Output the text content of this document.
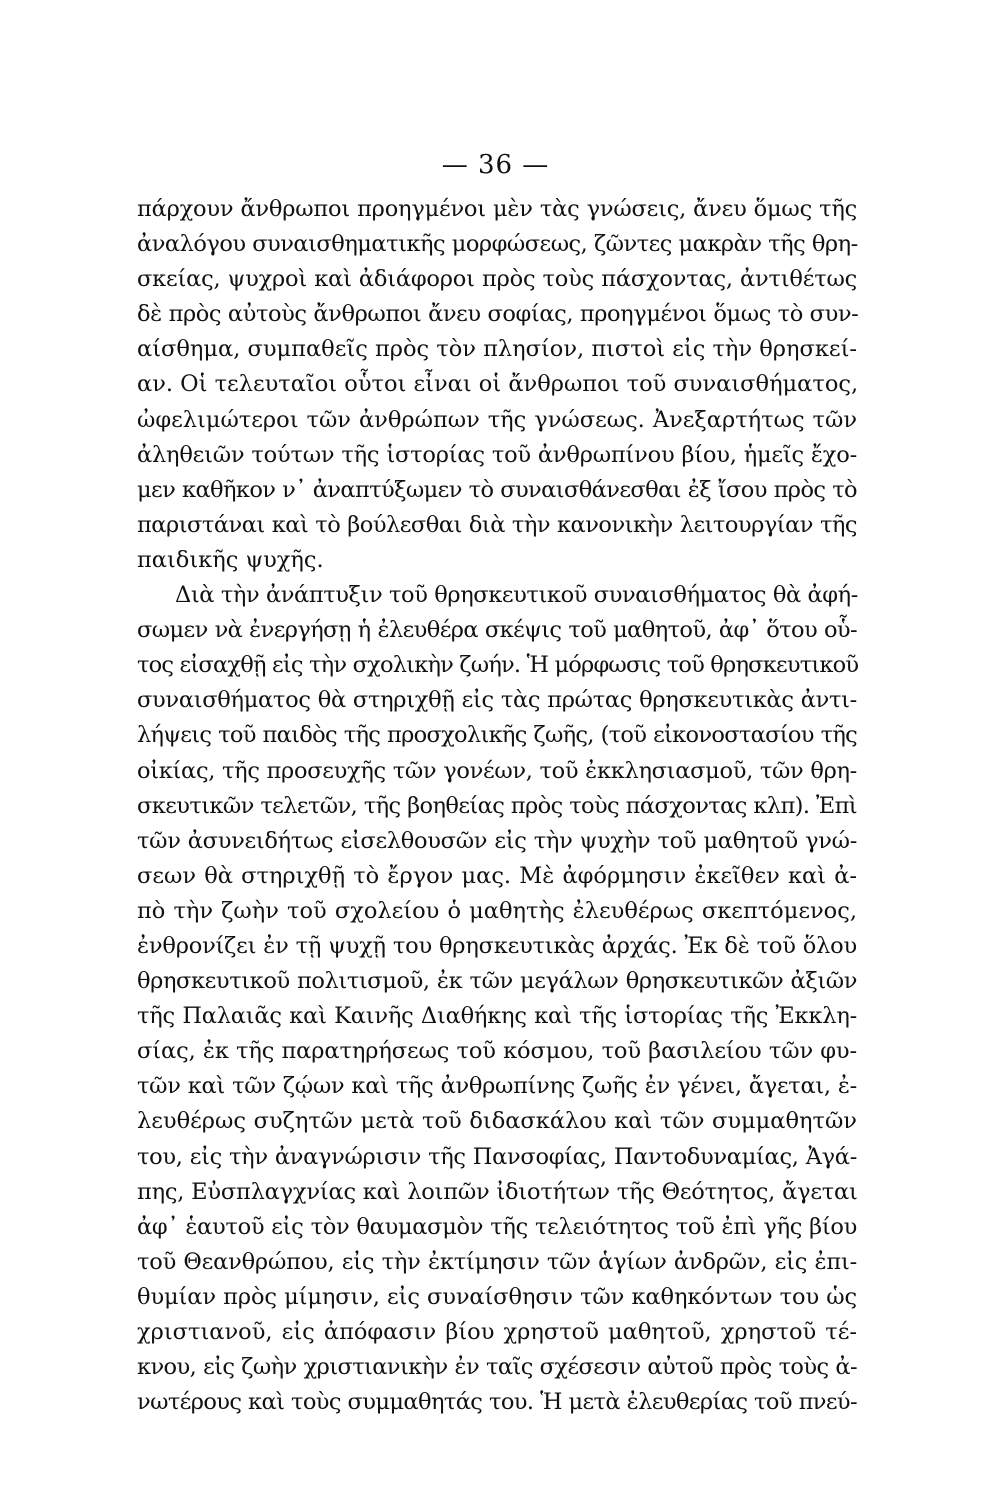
— 36 —
πάρχουν ἄνθρωποι προηγμένοι μὲν τὰς γνώσεις, ἄνευ ὅμως τῆς
ἀναλόγου συναισθηματικῆς μορφώσεως, ζῶντες μακρὰν τῆς θρη-
σκείας, ψυχροὶ καὶ ἀδιάφοροι πρὸς τοὺς πάσχοντας, ἀντιθέτως
δὲ πρὸς αὐτοὺς ἄνθρωποι ἄνευ σοφίας, προηγμένοι ὅμως τὸ συν-
αίσθημα, συμπαθεῖς πρὸς τὸν πλησίον, πιστοὶ εἰς τὴν θρησκεί-
αν. Οἱ τελευταῖοι οὗτοι εἶναι οἱ ἄνθρωποι τοῦ συναισθήματος,
ὠφελιμώτεροι τῶν ἀνθρώπων τῆς γνώσεως. Ἀνεξαρτήτως τῶν
ἀληθειῶν τούτων τῆς ἱστορίας τοῦ ἀνθρωπίνου βίου, ἡμεῖς ἔχο-
μεν καθῆκον ν᾿ ἀναπτύξωμεν τὸ συναισθάνεσθαι ἐξ ἴσου πρὸς τὸ
παριστάναι καὶ τὸ βούλεσθαι διὰ τὴν κανονικὴν λειτουργίαν τῆς
παιδικῆς ψυχῆς.
Διὰ τὴν ἀνάπτυξιν τοῦ θρησκευτικοῦ συναισθήματος θὰ ἀφή-
σωμεν νὰ ἐνεργήσῃ ἡ ἐλευθέρα σκέψις τοῦ μαθητοῦ, ἀφ᾿ ὅτου οὗ-
τος εἰσαχθῇ εἰς τὴν σχολικὴν ζωήν. Ἡ μόρφωσις τοῦ θρησκευτικοῦ
συναισθήματος θὰ στηριχθῇ εἰς τὰς πρώτας θρησκευτικὰς ἀντι-
λήψεις τοῦ παιδὸς τῆς προσχολικῆς ζωῆς, (τοῦ εἰκονοστασίου τῆς
οἰκίας, τῆς προσευχῆς τῶν γονέων, τοῦ ἐκκλησιασμοῦ, τῶν θρη-
σκευτικῶν τελετῶν, τῆς βοηθείας πρὸς τοὺς πάσχοντας κλπ). Ἐπὶ
τῶν ἀσυνειδήτως εἰσελθουσῶν εἰς τὴν ψυχὴν τοῦ μαθητοῦ γνώ-
σεων θὰ στηριχθῇ τὸ ἔργον μας. Μὲ ἀφόρμησιν ἐκεῖθεν καὶ ἀ-
πὸ τὴν ζωὴν τοῦ σχολείου ὁ μαθητὴς ἐλευθέρως σκεπτόμενος,
ἐνθρονίζει ἐν τῇ ψυχῇ του θρησκευτικὰς ἀρχάς. Ἐκ δὲ τοῦ ὅλου
θρησκευτικοῦ πολιτισμοῦ, ἐκ τῶν μεγάλων θρησκευτικῶν ἀξιῶν
τῆς Παλαιᾶς καὶ Καινῆς Διαθήκης καὶ τῆς ἱστορίας τῆς Ἐκκλη-
σίας, ἐκ τῆς παρατηρήσεως τοῦ κόσμου, τοῦ βασιλείου τῶν φυ-
τῶν καὶ τῶν ζῴων καὶ τῆς ἀνθρωπίνης ζωῆς ἐν γένει, ἄγεται, ἐ-
λευθέρως συζητῶν μετὰ τοῦ διδασκάλου καὶ τῶν συμμαθητῶν
του, εἰς τὴν ἀναγνώρισιν τῆς Πανσοφίας, Παντοδυναμίας, Ἀγά-
πης, Εὐσπλαγχνίας καὶ λοιπῶν ἰδιοτήτων τῆς Θεότητος, ἄγεται
ἀφ᾿ ἑαυτοῦ εἰς τὸν θαυμασμὸν τῆς τελειότητος τοῦ ἐπὶ γῆς βίου
τοῦ Θεανθρώπου, εἰς τὴν ἐκτίμησιν τῶν ἁγίων ἀνδρῶν, εἰς ἐπι-
θυμίαν πρὸς μίμησιν, εἰς συναίσθησιν τῶν καθηκόντων του ὡς
χριστιανοῦ, εἰς ἀπόφασιν βίου χρηστοῦ μαθητοῦ, χρηστοῦ τέ-
κνου, εἰς ζωὴν χριστιανικὴν ἐν ταῖς σχέσεσιν αὐτοῦ πρὸς τοὺς ἀ-
νωτέρους καὶ τοὺς συμμαθητάς του. Ἡ μετὰ ἐλευθερίας τοῦ πνεύ-
